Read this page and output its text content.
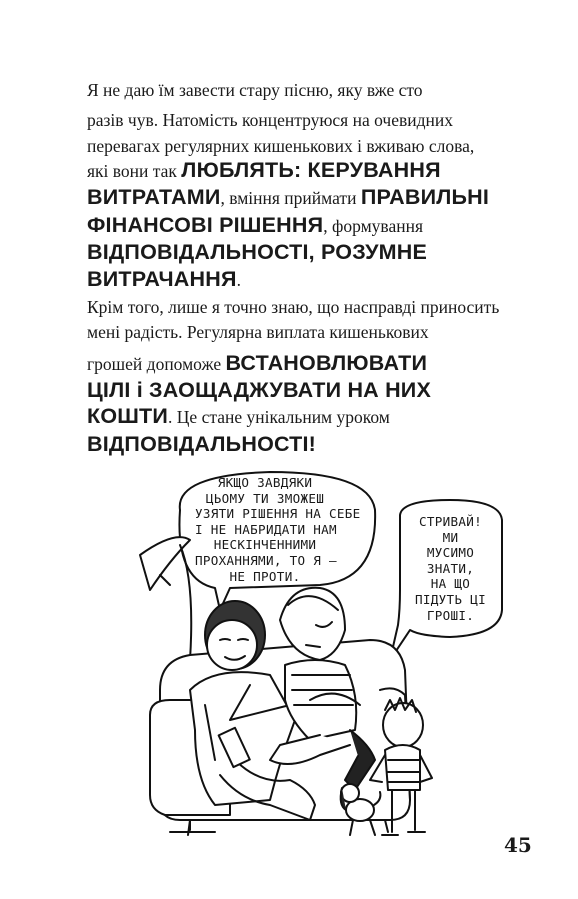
Я не даю їм завести стару пісню, яку вже сто
разів чув. Натомість концентруюся на очевидних
перевагах регулярних кишенькових і вживаю слова,
які вони так ЛЮБЛЯТЬ: КЕРУВАННЯ
ВИТРАТАМИ, вміння приймати ПРАВИЛЬНІ
ФІНАНСОВІ РІШЕННЯ, формування
ВІДПОВІДАЛЬНОСТІ, РОЗУМНЕ
ВИТРАЧАННЯ.
Крім того, лише я точно знаю, що насправді приносить
мені радість. Регулярна виплата кишенькових
грошей допоможе ВСТАНОВЛЮВАТИ
ЦІЛІ і ЗАОЩАДЖУВАТИ НА НИХ
КОШТИ. Це стане унікальним уроком
ВІДПОВІДАЛЬНОСТІ!
ЯКЩО ЗАВДЯКИ
ЦЬОМУ ТИ ЗМОЖЕШ
УЗЯТИ РІШЕННЯ НА
І НЕ НАБРИДАТИ НАМ
НЕСКІНЧЕННИМИ
ПРОХАННЯМИ, ТО Я —
НЕ ПРОТИ.
СТРИВАЙ!
МИ
МУСИМО
ЗНАТИ,
НА ЩО
ПІДУТЬ ЦІ
ГРОШІ.
45
